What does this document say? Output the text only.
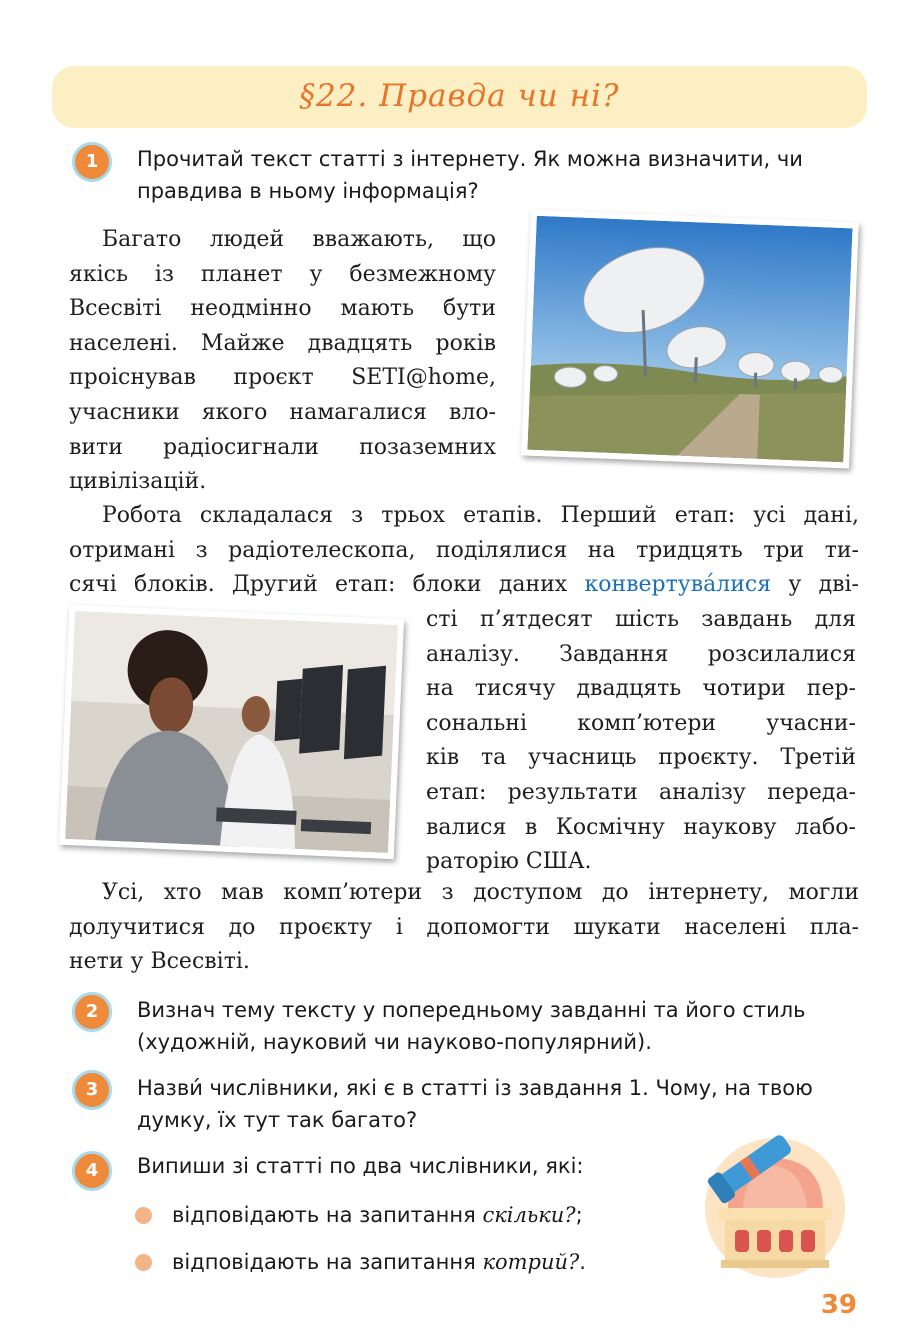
§22. Правда чи ні?
1	Прочитай текст статті з інтернету. Як можна визначити, чи правдива в ньому інформація?
Багато людей вважають, що
якісь із планет у безмежному
Всесвіті неодмінно мають бути
населені. Майже двадцять років
проіснував проєкт SETI@home,
учасники якого намагалися вло-
вити радіосигнали позаземних
цивілізацій.
Робота складалася з трьох етапів. Перший етап: усі дані,
отримані з радіотелескопа, поділялися на тридцять три ти-
сячі блоків. Другий етап: блоки даних конвертува́лися у дві-
сті п’ятдесят шість завдань для
аналізу. Завдання розсилалися
на тисячу двадцять чотири пер-
сональні комп’ютери учасни-
ків та учасниць проєкту. Третій
етап: результати аналізу переда-
валися в Космічну наукову лабо-
раторію США.
Усі, хто мав комп’ютери з доступом до інтернету, могли
долучитися до проєкту і допомогти шукати населені пла-
нети у Всесвіті.
2	Визнач тему тексту у попередньому завданні та його стиль (художній, науковий чи науково-популярний).
3	Назви́ числівники, які є в статті із завдання 1. Чому, на твою думку, їх тут так багато?
4	Випиши зі статті по два числівники, які:
відповідають на запитання скільки?;
відповідають на запитання котрий?.
39
